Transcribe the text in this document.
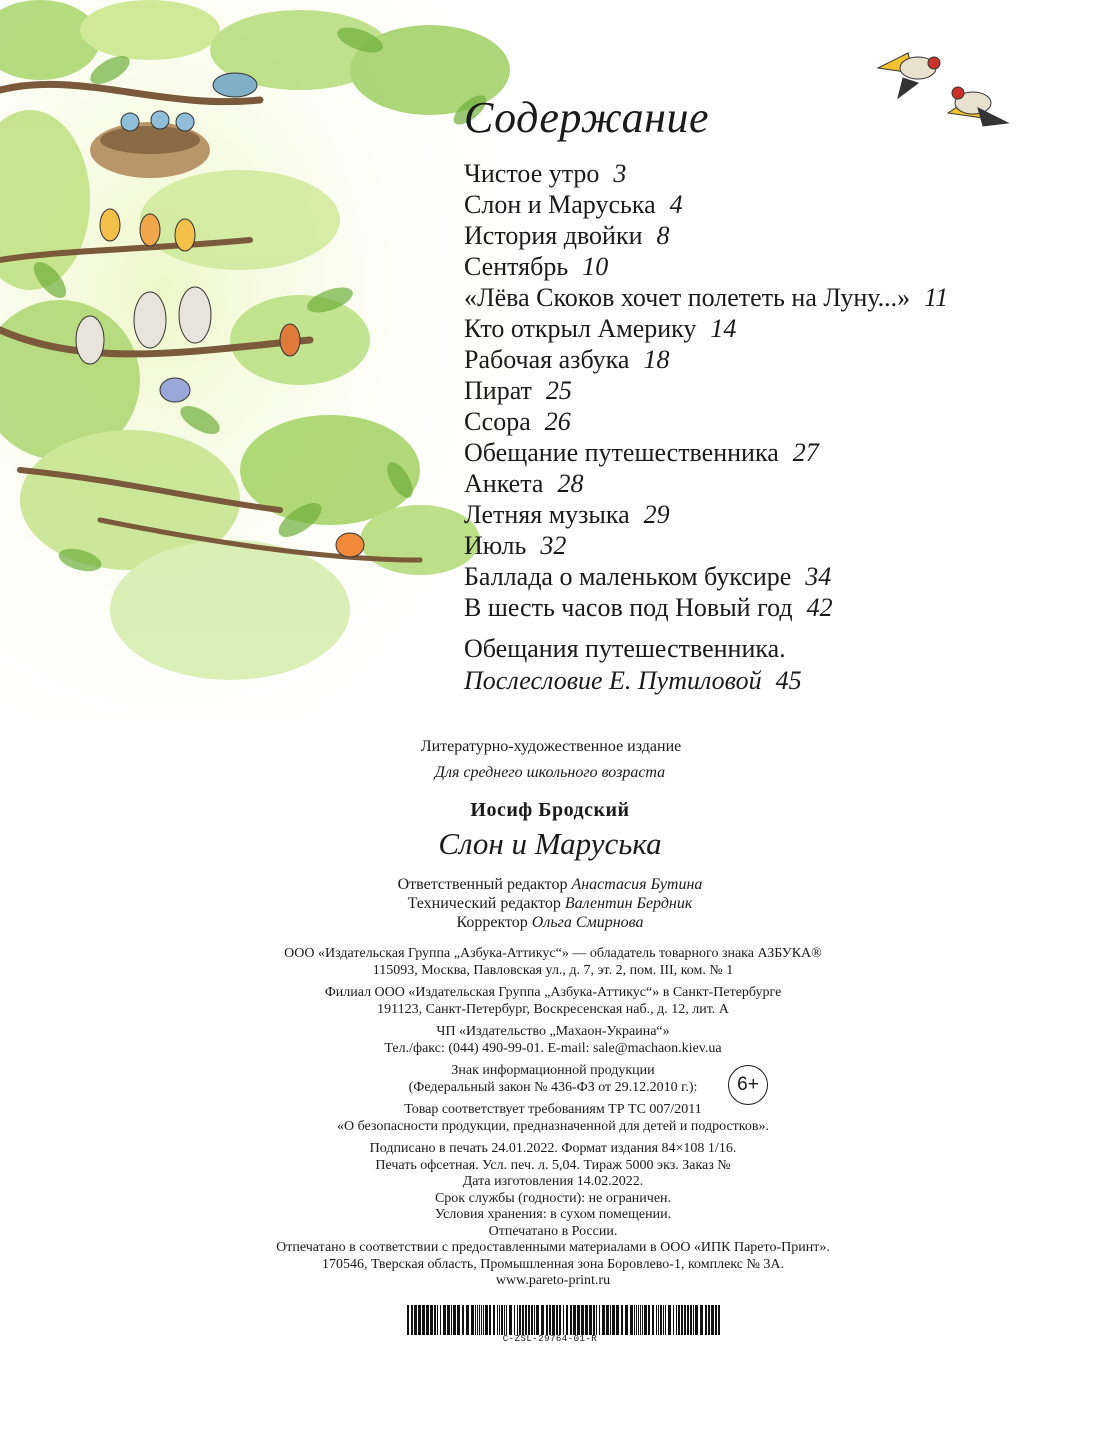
Содержание
Чистое утро 3
Слон и Маруська 4
История двойки 8
Сентябрь 10
«Лёва Скоков хочет полететь на Луну...» 11
Кто открыл Америку 14
Рабочая азбука 18
Пират 25
Ссора 26
Обещание путешественника 27
Анкета 28
Летняя музыка 29
Июль 32
Баллада о маленьком буксире 34
В шесть часов под Новый год 42
Обещания путешественника.
Послесловие Е. Путиловой 45
Литературно-художественное издание
Для среднего школьного возраста
Иосиф Бродский
Слон и Маруська
Ответственный редактор Анастасия Бутина
Технический редактор Валентин Бердник
Корректор Ольга Смирнова
ООО «Издательская Группа „Азбука-Аттикус“» — обладатель товарного знака АЗБУКА®
115093, Москва, Павловская ул., д. 7, эт. 2, пом. III, ком. № 1
Филиал ООО «Издательская Группа „Азбука-Аттикус“» в Санкт-Петербурге
191123, Санкт-Петербург, Воскресенская наб., д. 12, лит. А
ЧП «Издательство „Махаон-Украина“»
Тел./факс: (044) 490-99-01. E-mail: sale@machaon.kiev.ua
Знак информационной продукции
(Федеральный закон № 436-ФЗ от 29.12.2010 г.):
Товар соответствует требованиям ТР ТС 007/2011
«О безопасности продукции, предназначенной для детей и подростков».
Подписано в печать 24.01.2022. Формат издания 84×108 1/16.
Печать офсетная. Усл. печ. л. 5,04. Тираж 5000 экз. Заказ №
Дата изготовления 14.02.2022.
Срок службы (годности): не ограничен.
Условия хранения: в сухом помещении.
Отпечатано в России.
Отпечатано в соответствии с предоставленными материалами в ООО «ИПК Парето-Принт».
170546, Тверская область, Промышленная зона Боровлево-1, комплекс № 3А.
www.pareto-print.ru
6+
C-ZSL-29764-01-R
